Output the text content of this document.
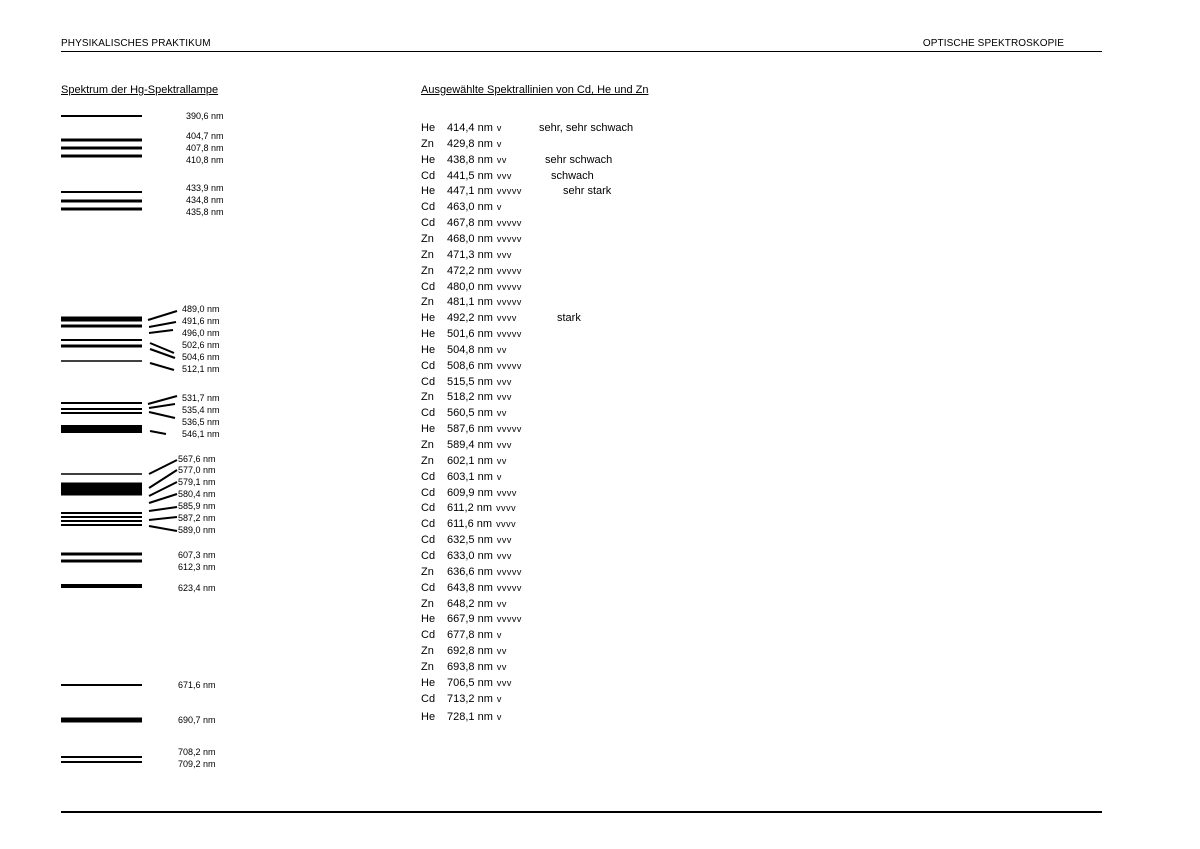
PHYSIKALISCHES PRAKTIKUM	OPTISCHE SPEKTROSKOPIE
Spektrum der Hg-Spektrallampe	Ausgewählte Spektrallinien von Cd, He und Zn
390,6 nm
404,7 nm
407,8 nm
410,8 nm
433,9 nm
434,8 nm
435,8 nm
489,0 nm
491,6 nm
496,0 nm
502,6 nm
504,6 nm
512,1 nm
531,7 nm
535,4 nm
536,5 nm
546,1 nm
567,6 nm
577,0 nm
579,1 nm
580,4 nm
585,9 nm
587,2 nm
589,0 nm
607,3 nm
612,3 nm
623,4 nm
671,6 nm
690,7 nm
708,2 nm
709,2 nm
He	414,4 nm v	sehr, sehr schwach
Zn	429,8 nm v
He	438,8 nm vv	sehr schwach
Cd	441,5 nm vvv	schwach
He	447,1 nm vvvvv	sehr stark
Cd	463,0 nm v
Cd	467,8 nm vvvvv
Zn	468,0 nm vvvvv
Zn	471,3 nm vvv
Zn	472,2 nm vvvvv
Cd	480,0 nm vvvvv
Zn	481,1 nm vvvvv
He	492,2 nm vvvv	stark
He	501,6 nm vvvvv
He	504,8 nm vv
Cd	508,6 nm vvvvv
Cd	515,5 nm vvv
Zn	518,2 nm vvv
Cd	560,5 nm vv
He	587,6 nm vvvvv
Zn	589,4 nm vvv
Zn	602,1 nm vv
Cd	603,1 nm v
Cd	609,9 nm vvvv
Cd	611,2 nm vvvv
Cd	611,6 nm vvvv
Cd	632,5 nm vvv
Cd	633,0 nm vvv
Zn	636,6 nm vvvvv
Cd	643,8 nm vvvvv
Zn	648,2 nm vv
He	667,9 nm vvvvv
Cd	677,8 nm v
Zn	692,8 nm vv
Zn	693,8 nm vv
He	706,5 nm vvv
Cd	713,2 nm v
He	728,1 nm v
